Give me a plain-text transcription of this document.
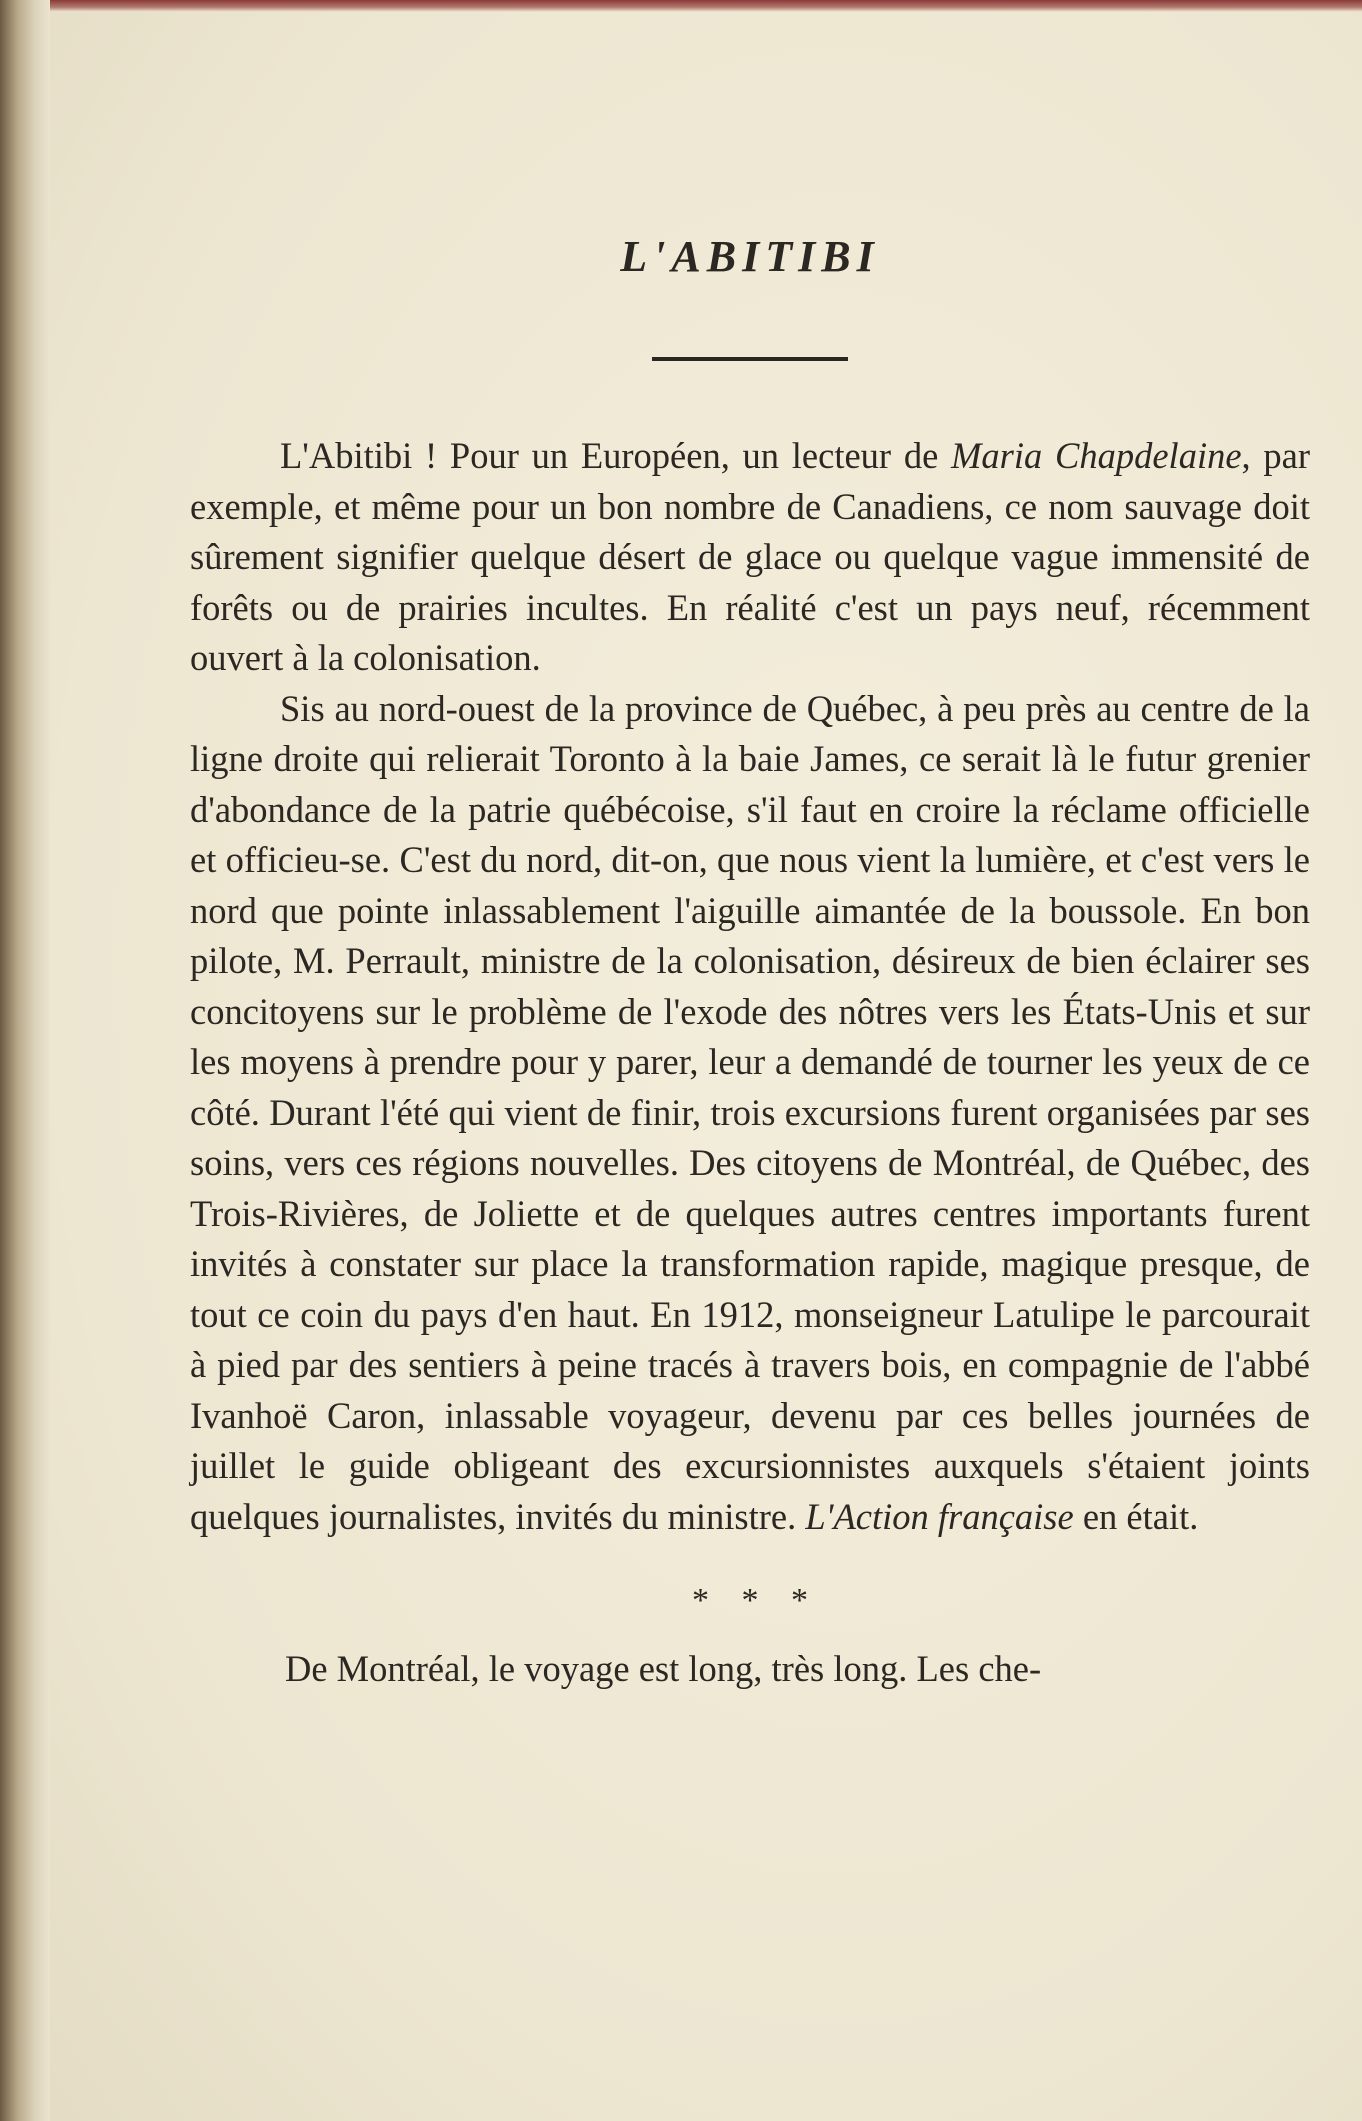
L'ABITIBI

L'Abitibi ! Pour un Européen, un lecteur de Maria Chapdelaine, par exemple, et même pour un bon nombre de Canadiens, ce nom sauvage doit sûrement signifier quelque désert de glace ou quelque vague immensité de forêts ou de prairies incultes. En réalité c'est un pays neuf, récemment ouvert à la colonisation.

Sis au nord-ouest de la province de Québec, à peu près au centre de la ligne droite qui relierait Toronto à la baie James, ce serait là le futur grenier d'abondance de la patrie québécoise, s'il faut en croire la réclame officielle et officieu-se. C'est du nord, dit-on, que nous vient la lumière, et c'est vers le nord que pointe inlassablement l'aiguille aimantée de la boussole. En bon pilote, M. Perrault, ministre de la colonisation, désireux de bien éclairer ses concitoyens sur le problème de l'exode des nôtres vers les États-Unis et sur les moyens à prendre pour y parer, leur a demandé de tourner les yeux de ce côté. Durant l'été qui vient de finir, trois excursions furent organisées par ses soins, vers ces régions nouvelles. Des citoyens de Montréal, de Québec, des Trois-Rivières, de Joliette et de quelques autres centres importants furent invités à constater sur place la transformation rapide, magique presque, de tout ce coin du pays d'en haut. En 1912, monseigneur Latulipe le parcourait à pied par des sentiers à peine tracés à travers bois, en compagnie de l'abbé Ivanhoë Caron, inlassable voyageur, devenu par ces belles journées de juillet le guide obligeant des excursionnistes auxquels s'étaient joints quelques journalistes, invités du ministre. L'Action française en était.

* * *
De Montréal, le voyage est long, très long. Les che-
